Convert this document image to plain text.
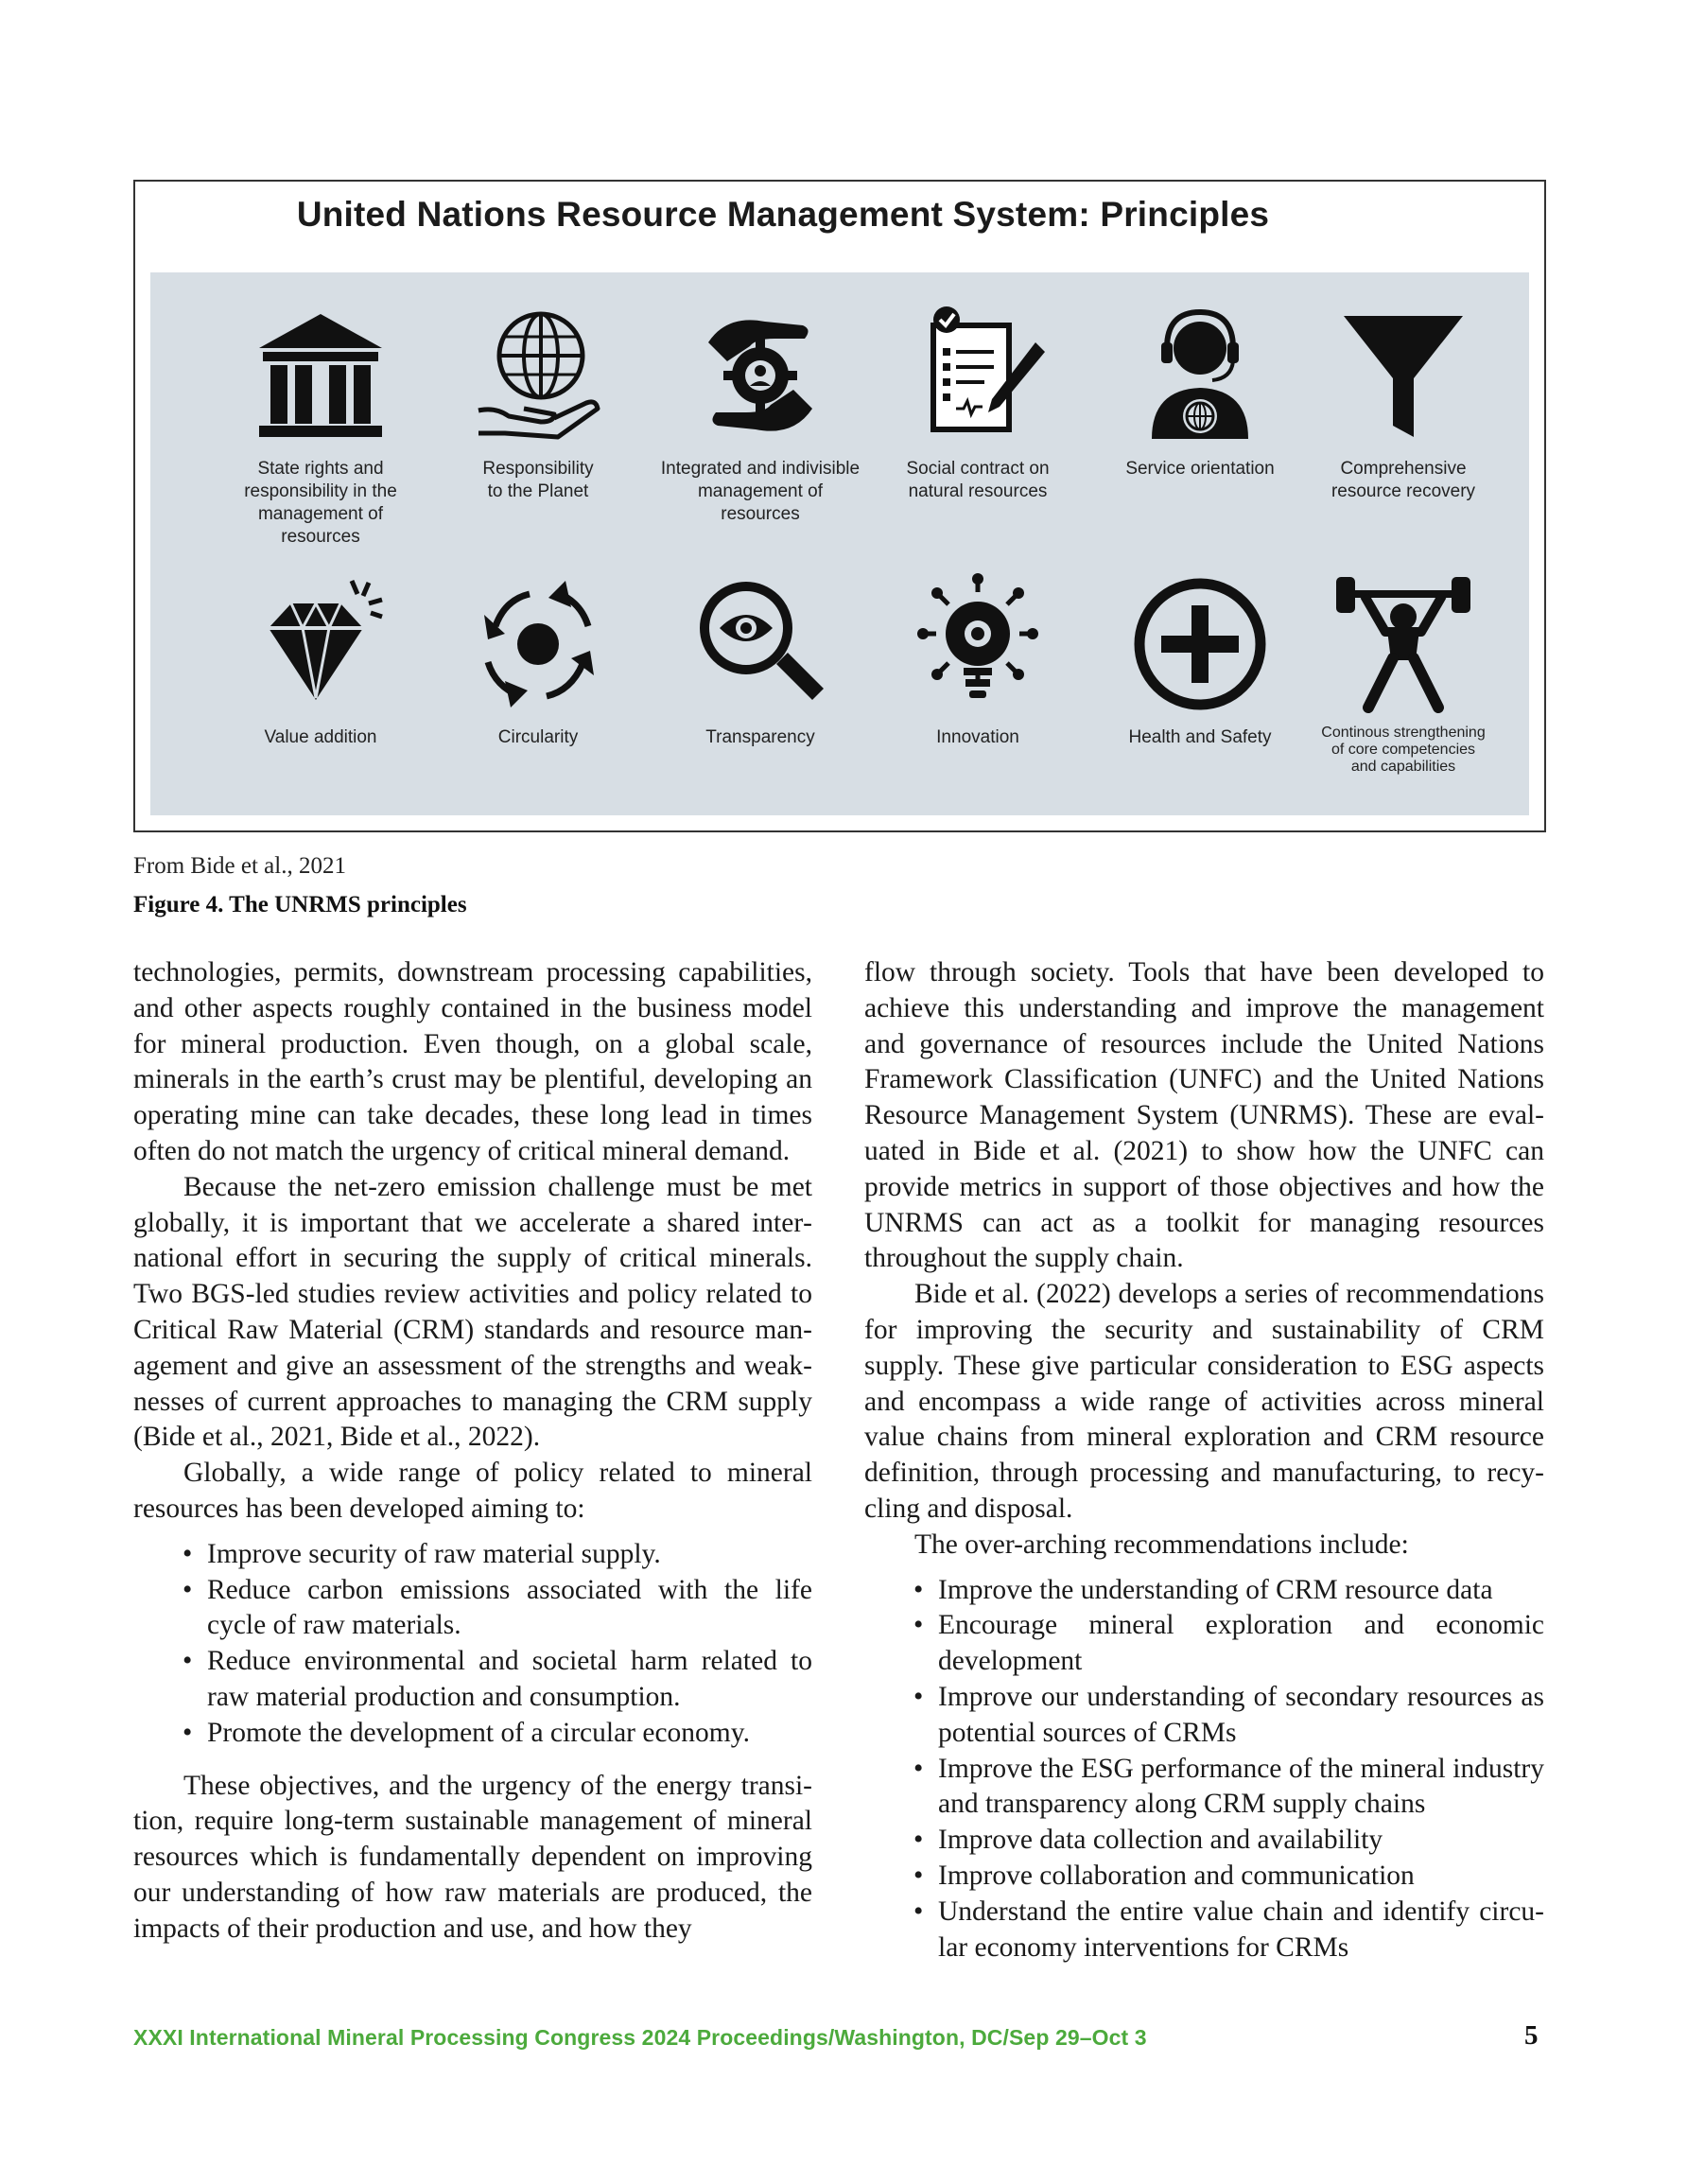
United Nations Resource Management System: Principles
State rights and
responsibility in the
management of resources
Responsibility
to the Planet
Integrated and indivisible
management of resources
Social contract on
natural resources
Service orientation	Comprehensive
resource recovery
Value addition	Circularity	Transparency	Innovation	Health and Safety	Continous strengthening
of core competencies
and capabilities
From Bide et al., 2021
Figure 4. The UNRMS principles

technologies, permits, downstream processing capabilities, and other aspects roughly contained in the business model for mineral production. Even though, on a global scale, minerals in the earth’s crust may be plentiful, developing an operating mine can take decades, these long lead in times often do not match the urgency of critical mineral demand.

Because the net-zero emission challenge must be met globally, it is important that we accelerate a shared international effort in securing the supply of critical minerals. Two BGS-led studies review activities and policy related to Critical Raw Material (CRM) standards and resource management and give an assessment of the strengths and weaknesses of current approaches to managing the CRM supply (Bide et al., 2021, Bide et al., 2022).

Globally, a wide range of policy related to mineral resources has been developed aiming to:

• Improve security of raw material supply.
• Reduce carbon emissions associated with the life cycle of raw materials.
• Reduce environmental and societal harm related to raw material production and consumption.
• Promote the development of a circular economy.

These objectives, and the urgency of the energy transition, require long-term sustainable management of mineral resources which is fundamentally dependent on improving our understanding of how raw materials are produced, the impacts of their production and use, and how they

flow through society. Tools that have been developed to achieve this understanding and improve the management and governance of resources include the United Nations Framework Classification (UNFC) and the United Nations Resource Management System (UNRMS). These are evaluated in Bide et al. (2021) to show how the UNFC can provide metrics in support of those objectives and how the UNRMS can act as a toolkit for managing resources throughout the supply chain.

Bide et al. (2022) develops a series of recommendations for improving the security and sustainability of CRM supply. These give particular consideration to ESG aspects and encompass a wide range of activities across mineral value chains from mineral exploration and CRM resource definition, through processing and manufacturing, to recycling and disposal.

The over-arching recommendations include:

• Improve the understanding of CRM resource data
• Encourage mineral exploration and economic development
• Improve our understanding of secondary resources as potential sources of CRMs
• Improve the ESG performance of the mineral industry and transparency along CRM supply chains
• Improve data collection and availability
• Improve collaboration and communication
• Understand the entire value chain and identify circular economy interventions for CRMs
XXXI International Mineral Processing Congress 2024 Proceedings/Washington, DC/Sep 29–Oct 3	5
